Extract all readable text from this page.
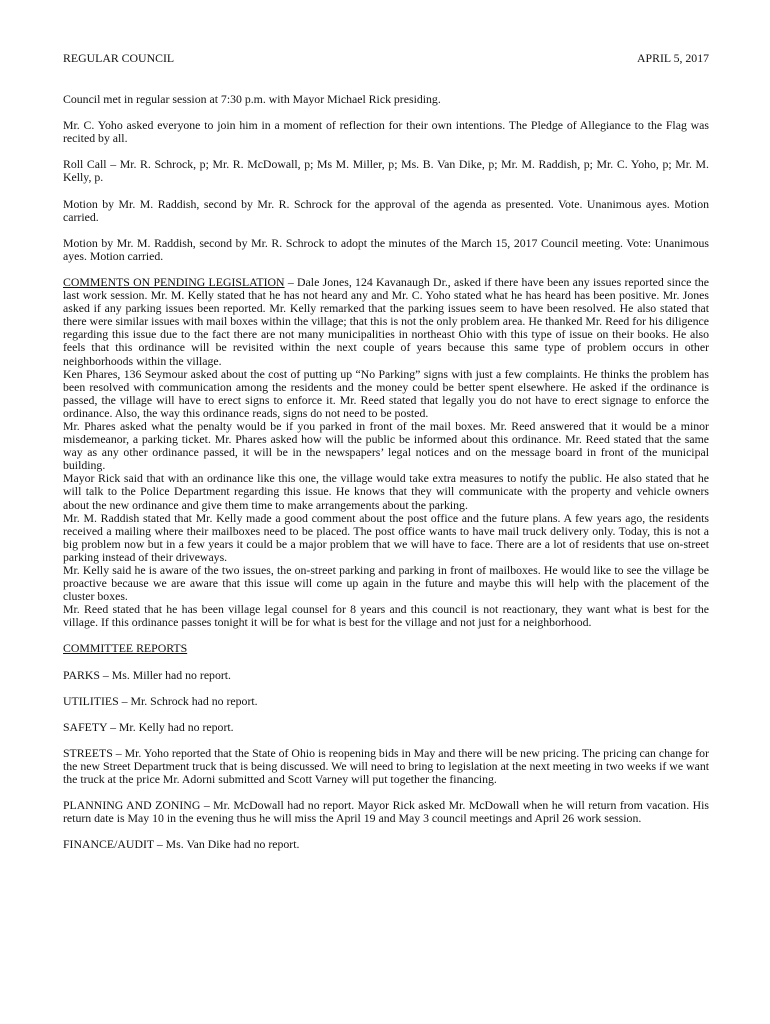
REGULAR COUNCIL	APRIL 5, 2017

Council met in regular session at 7:30 p.m. with Mayor Michael Rick presiding.

Mr. C. Yoho asked everyone to join him in a moment of reflection for their own intentions. The Pledge of Allegiance to the Flag was recited by all.

Roll Call – Mr. R. Schrock, p; Mr. R. McDowall, p; Ms M. Miller, p; Ms. B. Van Dike, p; Mr. M. Raddish, p; Mr. C. Yoho, p; Mr. M. Kelly, p.

Motion by Mr. M. Raddish, second by Mr. R. Schrock for the approval of the agenda as presented. Vote. Unanimous ayes. Motion carried.

Motion by Mr. M. Raddish, second by Mr. R. Schrock to adopt the minutes of the March 15, 2017 Council meeting. Vote: Unanimous ayes. Motion carried.

COMMENTS ON PENDING LEGISLATION – Dale Jones, 124 Kavanaugh Dr., asked if there have been any issues reported since the last work session. Mr. M. Kelly stated that he has not heard any and Mr. C. Yoho stated what he has heard has been positive. Mr. Jones asked if any parking issues been reported. Mr. Kelly remarked that the parking issues seem to have been resolved. He also stated that there were similar issues with mail boxes within the village; that this is not the only problem area. He thanked Mr. Reed for his diligence regarding this issue due to the fact there are not many municipalities in northeast Ohio with this type of issue on their books. He also feels that this ordinance will be revisited within the next couple of years because this same type of problem occurs in other neighborhoods within the village.

Ken Phares, 136 Seymour asked about the cost of putting up “No Parking” signs with just a few complaints. He thinks the problem has been resolved with communication among the residents and the money could be better spent elsewhere. He asked if the ordinance is passed, the village will have to erect signs to enforce it. Mr. Reed stated that legally you do not have to erect signage to enforce the ordinance. Also, the way this ordinance reads, signs do not need to be posted.

Mr. Phares asked what the penalty would be if you parked in front of the mail boxes. Mr. Reed answered that it would be a minor misdemeanor, a parking ticket. Mr. Phares asked how will the public be informed about this ordinance. Mr. Reed stated that the same way as any other ordinance passed, it will be in the newspapers’ legal notices and on the message board in front of the municipal building.

Mayor Rick said that with an ordinance like this one, the village would take extra measures to notify the public. He also stated that he will talk to the Police Department regarding this issue. He knows that they will communicate with the property and vehicle owners about the new ordinance and give them time to make arrangements about the parking.

Mr. M. Raddish stated that Mr. Kelly made a good comment about the post office and the future plans. A few years ago, the residents received a mailing where their mailboxes need to be placed. The post office wants to have mail truck delivery only. Today, this is not a big problem now but in a few years it could be a major problem that we will have to face. There are a lot of residents that use on-street parking instead of their driveways.

Mr. Kelly said he is aware of the two issues, the on-street parking and parking in front of mailboxes. He would like to see the village be proactive because we are aware that this issue will come up again in the future and maybe this will help with the placement of the cluster boxes.

Mr. Reed stated that he has been village legal counsel for 8 years and this council is not reactionary, they want what is best for the village. If this ordinance passes tonight it will be for what is best for the village and not just for a neighborhood.

COMMITTEE REPORTS

PARKS – Ms. Miller had no report.

UTILITIES – Mr. Schrock had no report.

SAFETY – Mr. Kelly had no report.

STREETS – Mr. Yoho reported that the State of Ohio is reopening bids in May and there will be new pricing. The pricing can change for the new Street Department truck that is being discussed. We will need to bring to legislation at the next meeting in two weeks if we want the truck at the price Mr. Adorni submitted and Scott Varney will put together the financing.

PLANNING AND ZONING – Mr. McDowall had no report. Mayor Rick asked Mr. McDowall when he will return from vacation. His return date is May 10 in the evening thus he will miss the April 19 and May 3 council meetings and April 26 work session.

FINANCE/AUDIT – Ms. Van Dike had no report.
